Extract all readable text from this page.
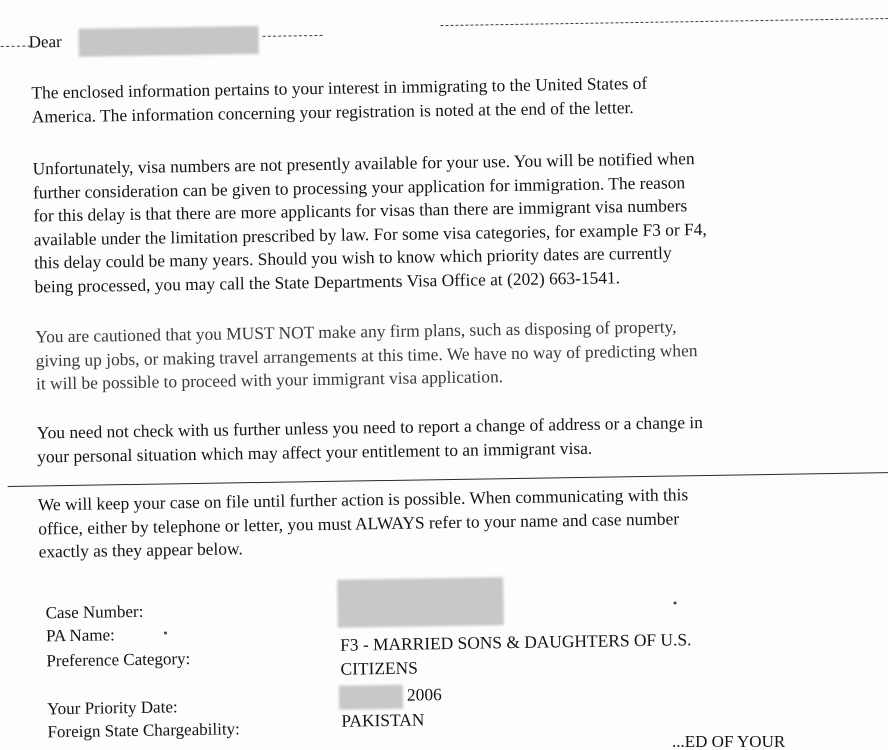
Dear

The enclosed information pertains to your interest in immigrating to the United States of
America. The information concerning your registration is noted at the end of the letter.

Unfortunately, visa numbers are not presently available for your use. You will be notified when
further consideration can be given to processing your application for immigration. The reason
for this delay is that there are more applicants for visas than there are immigrant visa numbers
available under the limitation prescribed by law. For some visa categories, for example F3 or F4,
this delay could be many years. Should you wish to know which priority dates are currently
being processed, you may call the State Departments Visa Office at (202) 663-1541.

You are cautioned that you MUST NOT make any firm plans, such as disposing of property,
giving up jobs, or making travel arrangements at this time. We have no way of predicting when
it will be possible to proceed with your immigrant visa application.

You need not check with us further unless you need to report a change of address or a change in
your personal situation which may affect your entitlement to an immigrant visa.

We will keep your case on file until further action is possible. When communicating with this
office, either by telephone or letter, you must ALWAYS refer to your name and case number
exactly as they appear below.

Case Number:
PA Name:
Preference Category:
Your Priority Date:
Foreign State Chargeability:
F3 - MARRIED SONS & DAUGHTERS OF U.S.
CITIZENS
2006
PAKISTAN
...ED OF YOUR
